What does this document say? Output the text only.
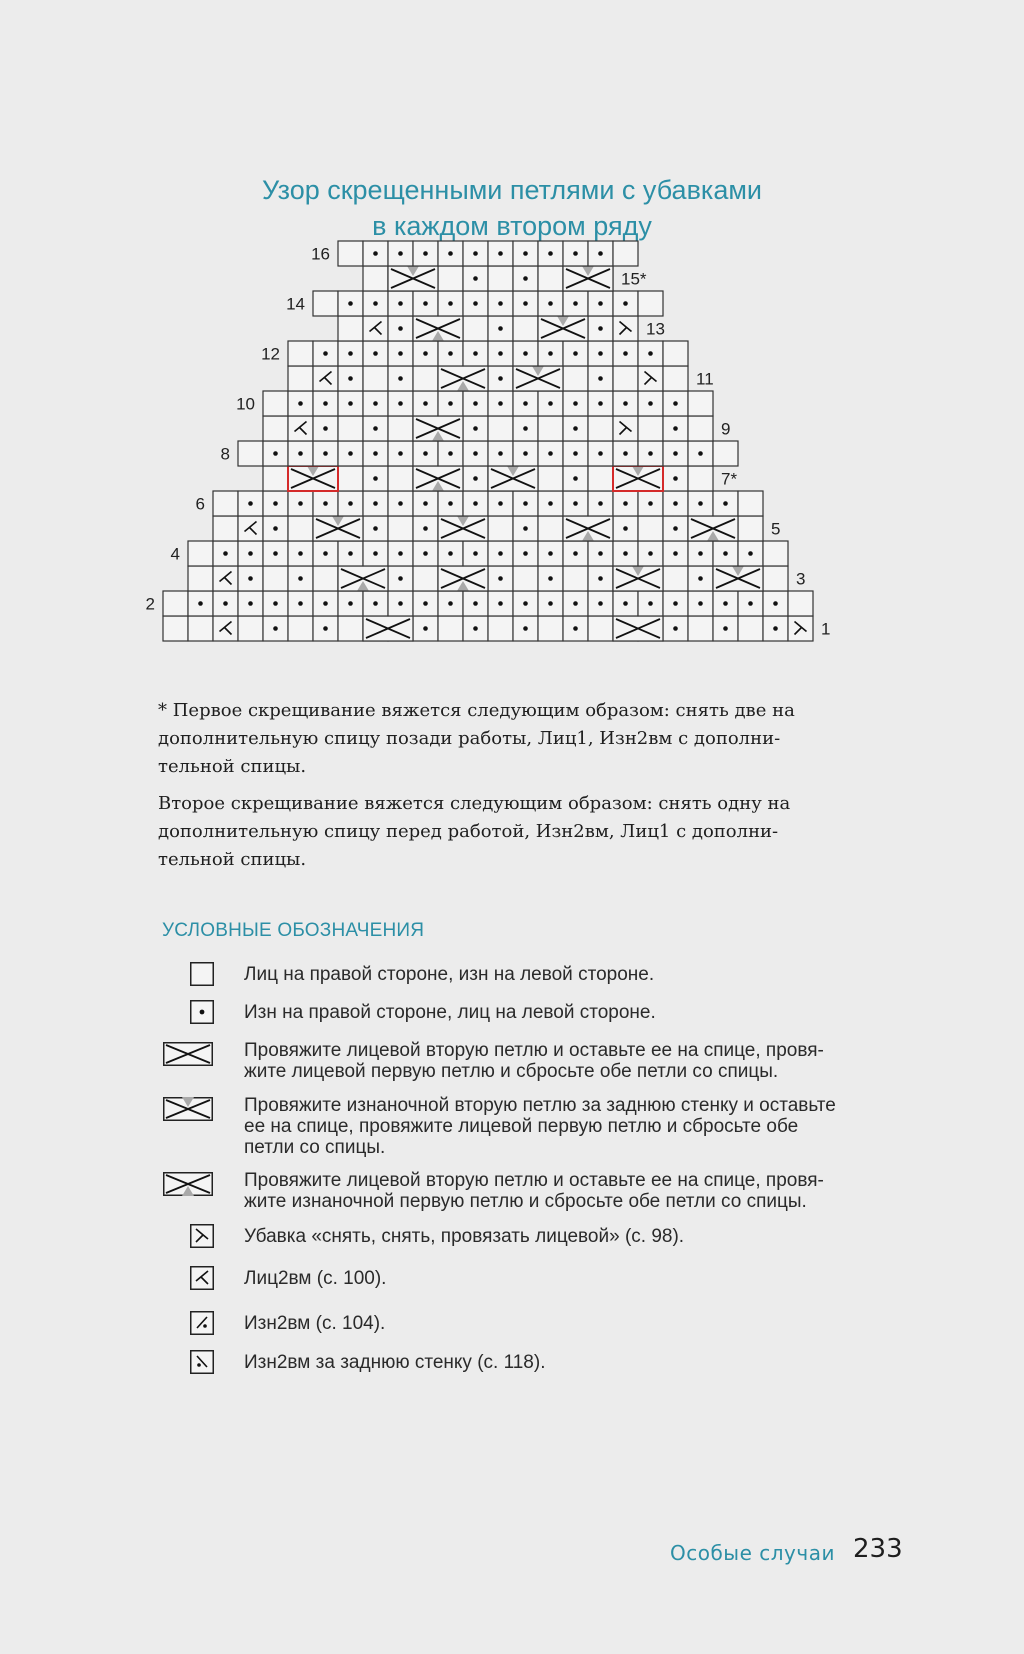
Узор скрещенными петлями с убавками
в каждом втором ряду
1
2
3
4
5
6
7*
8
9
10
11
12
13
14
15*
16

* Первое скрещивание вяжется следующим образом: снять две на
дополнительную спицу позади работы, Лиц1, Изн2вм с дополни-
тельной спицы.

Второе скрещивание вяжется следующим образом: снять одну на
дополнительную спицу перед работой, Изн2вм, Лиц1 с дополни-
тельной спицы.

УСЛОВНЫЕ ОБОЗНАЧЕНИЯ
Лиц на правой стороне, изн на левой стороне.
Изн на правой стороне, лиц на левой стороне.
Провяжите лицевой вторую петлю и оставьте ее на спице, провя-
жите лицевой первую петлю и сбросьте обе петли со спицы.
Провяжите изнаночной вторую петлю за заднюю стенку и оставьте
ее на спице, провяжите лицевой первую петлю и сбросьте обе
петли со спицы.
Провяжите лицевой вторую петлю и оставьте ее на спице, провя-
жите изнаночной первую петлю и сбросьте обе петли со спицы.
Убавка «снять, снять, провязать лицевой» (с. 98).
Лиц2вм (с. 100).
Изн2вм (с. 104).
Изн2вм за заднюю стенку (с. 118).
Особые случаи 233
